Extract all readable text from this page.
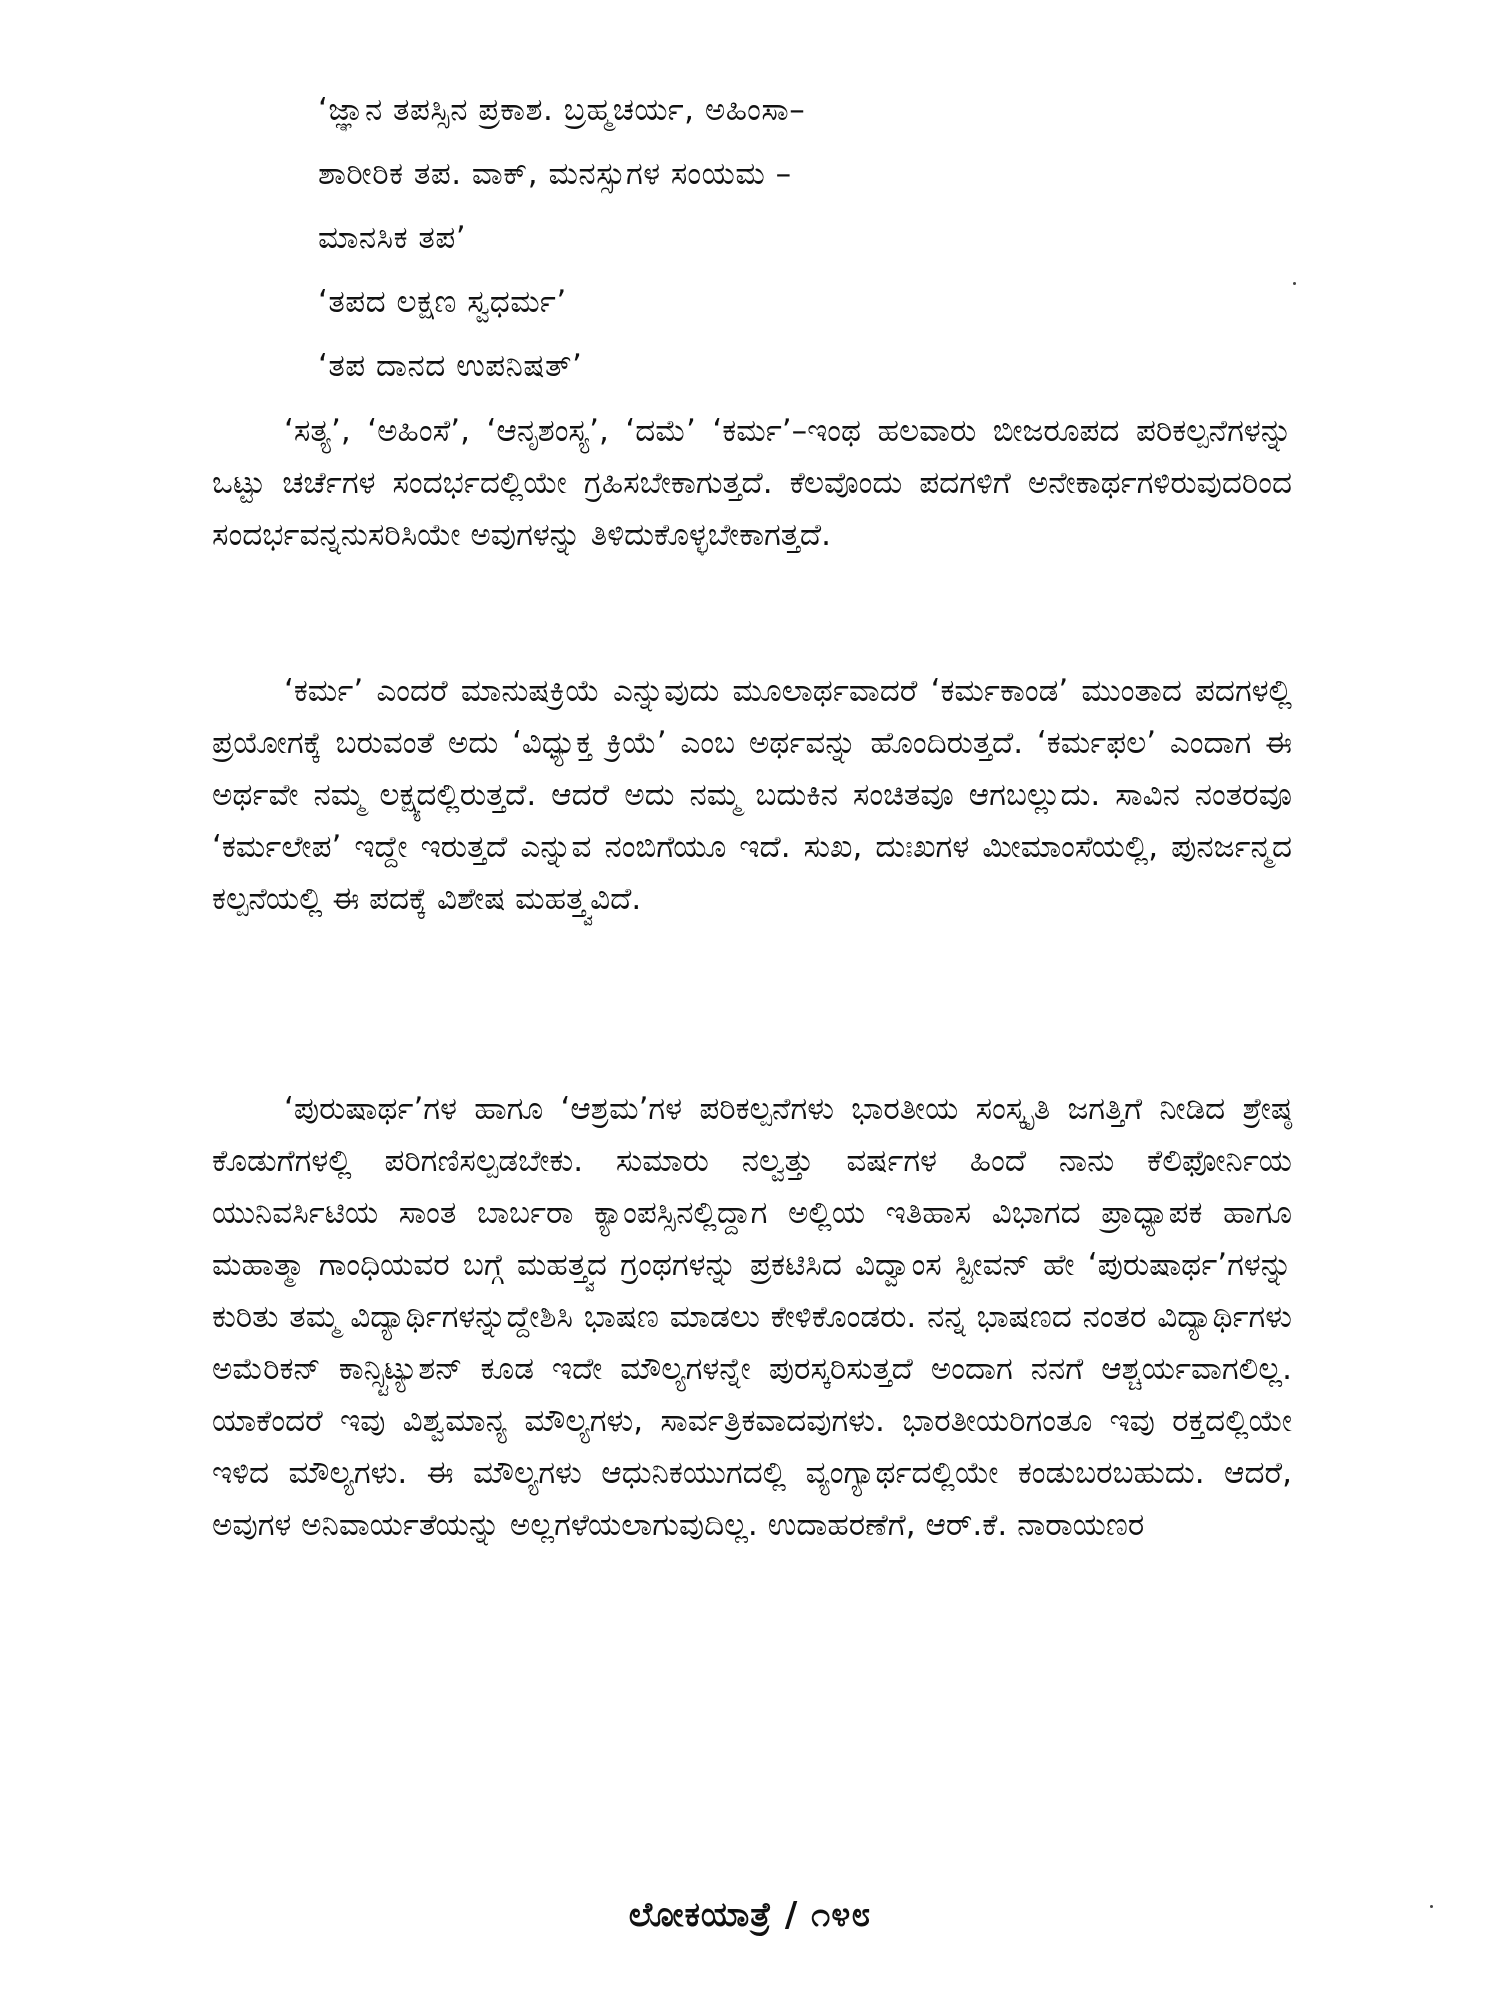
‘ಜ್ಞಾನ ತಪಸ್ಸಿನ ಪ್ರಕಾಶ. ಬ್ರಹ್ಮಚರ್ಯ, ಅಹಿಂಸಾ–
ಶಾರೀರಿಕ ತಪ. ವಾಕ್, ಮನಸ್ಸುಗಳ ಸಂಯಮ –
ಮಾನಸಿಕ ತಪ’
‘ತಪದ ಲಕ್ಷಣ ಸ್ವಧರ್ಮ’
‘ತಪ ದಾನದ ಉಪನಿಷತ್’

‘ಸತ್ಯ’, ‘ಅಹಿಂಸೆ’, ‘ಆನೃಶಂಸ್ಯ’, ‘ದಮೆ’ ‘ಕರ್ಮ’–ಇಂಥ ಹಲವಾರು ಬೀಜರೂಪದ ಪರಿಕಲ್ಪನೆಗಳನ್ನು ಒಟ್ಟು ಚರ್ಚೆಗಳ ಸಂದರ್ಭದಲ್ಲಿಯೇ ಗ್ರಹಿಸಬೇಕಾಗುತ್ತದೆ. ಕೆಲವೊಂದು ಪದಗಳಿಗೆ ಅನೇಕಾರ್ಥಗಳಿರುವುದರಿಂದ ಸಂದರ್ಭವನ್ನನುಸರಿಸಿಯೇ ಅವುಗಳನ್ನು ತಿಳಿದುಕೊಳ್ಳಬೇಕಾಗತ್ತದೆ.

‘ಕರ್ಮ’ ಎಂದರೆ ಮಾನುಷಕ್ರಿಯೆ ಎನ್ನುವುದು ಮೂಲಾರ್ಥವಾದರೆ ‘ಕರ್ಮಕಾಂಡ’ ಮುಂತಾದ ಪದಗಳಲ್ಲಿ ಪ್ರಯೋಗಕ್ಕೆ ಬರುವಂತೆ ಅದು ‘ವಿಧ್ಯುಕ್ತ ಕ್ರಿಯೆ’ ಎಂಬ ಅರ್ಥವನ್ನು ಹೊಂದಿರುತ್ತದೆ. ‘ಕರ್ಮಫಲ’ ಎಂದಾಗ ಈ ಅರ್ಥವೇ ನಮ್ಮ ಲಕ್ಷ್ಯದಲ್ಲಿರುತ್ತದೆ. ಆದರೆ ಅದು ನಮ್ಮ ಬದುಕಿನ ಸಂಚಿತವೂ ಆಗಬಲ್ಲುದು. ಸಾವಿನ ನಂತರವೂ ‘ಕರ್ಮಲೇಪ’ ಇದ್ದೇ ಇರುತ್ತದೆ ಎನ್ನುವ ನಂಬಿಗೆಯೂ ಇದೆ. ಸುಖ, ದುಃಖಗಳ ಮೀಮಾಂಸೆಯಲ್ಲಿ, ಪುನರ್ಜನ್ಮದ ಕಲ್ಪನೆಯಲ್ಲಿ ಈ ಪದಕ್ಕೆ ವಿಶೇಷ ಮಹತ್ತ್ವವಿದೆ.

‘ಪುರುಷಾರ್ಥ’ಗಳ ಹಾಗೂ ‘ಆಶ್ರಮ’ಗಳ ಪರಿಕಲ್ಪನೆಗಳು ಭಾರತೀಯ ಸಂಸ್ಕೃತಿ ಜಗತ್ತಿಗೆ ನೀಡಿದ ಶ್ರೇಷ್ಠ ಕೊಡುಗೆಗಳಲ್ಲಿ ಪರಿಗಣಿಸಲ್ಪಡಬೇಕು. ಸುಮಾರು ನಲ್ವತ್ತು ವರ್ಷಗಳ ಹಿಂದೆ ನಾನು ಕೆಲಿಫೋರ್ನಿಯ ಯುನಿವರ್ಸಿಟಿಯ ಸಾಂತ ಬಾರ್ಬರಾ ಕ್ಯಾಂಪಸ್ಸಿನಲ್ಲಿದ್ದಾಗ ಅಲ್ಲಿಯ ಇತಿಹಾಸ ವಿಭಾಗದ ಪ್ರಾಧ್ಯಾಪಕ ಹಾಗೂ ಮಹಾತ್ಮಾ ಗಾಂಧಿಯವರ ಬಗ್ಗೆ ಮಹತ್ತ್ವದ ಗ್ರಂಥಗಳನ್ನು ಪ್ರಕಟಿಸಿದ ವಿದ್ವಾಂಸ ಸ್ಟೀವನ್ ಹೇ ‘ಪುರುಷಾರ್ಥ’ಗಳನ್ನು ಕುರಿತು ತಮ್ಮ ವಿದ್ಯಾರ್ಥಿಗಳನ್ನುದ್ದೇಶಿಸಿ ಭಾಷಣ ಮಾಡಲು ಕೇಳಿಕೊಂಡರು. ನನ್ನ ಭಾಷಣದ ನಂತರ ವಿದ್ಯಾರ್ಥಿಗಳು ಅಮೆರಿಕನ್ ಕಾನ್ಸ್ಟಿಟ್ಯುಶನ್ ಕೂಡ ಇದೇ ಮೌಲ್ಯಗಳನ್ನೇ ಪುರಸ್ಕರಿಸುತ್ತದೆ ಅಂದಾಗ ನನಗೆ ಆಶ್ಚರ್ಯವಾಗಲಿಲ್ಲ. ಯಾಕೆಂದರೆ ಇವು ವಿಶ್ವಮಾನ್ಯ ಮೌಲ್ಯಗಳು, ಸಾರ್ವತ್ರಿಕವಾದವುಗಳು. ಭಾರತೀಯರಿಗಂತೂ ಇವು ರಕ್ತದಲ್ಲಿಯೇ ಇಳಿದ ಮೌಲ್ಯಗಳು. ಈ ಮೌಲ್ಯಗಳು ಆಧುನಿಕಯುಗದಲ್ಲಿ ವ್ಯಂಗ್ಯಾರ್ಥದಲ್ಲಿಯೇ ಕಂಡುಬರಬಹುದು. ಆದರೆ, ಅವುಗಳ ಅನಿವಾರ್ಯತೆಯನ್ನು ಅಲ್ಲಗಳೆಯಲಾಗುವುದಿಲ್ಲ. ಉದಾಹರಣೆಗೆ, ಆರ್.ಕೆ. ನಾರಾಯಣರ

ಲೋಕಯಾತ್ರೆ / ೧೪೮
